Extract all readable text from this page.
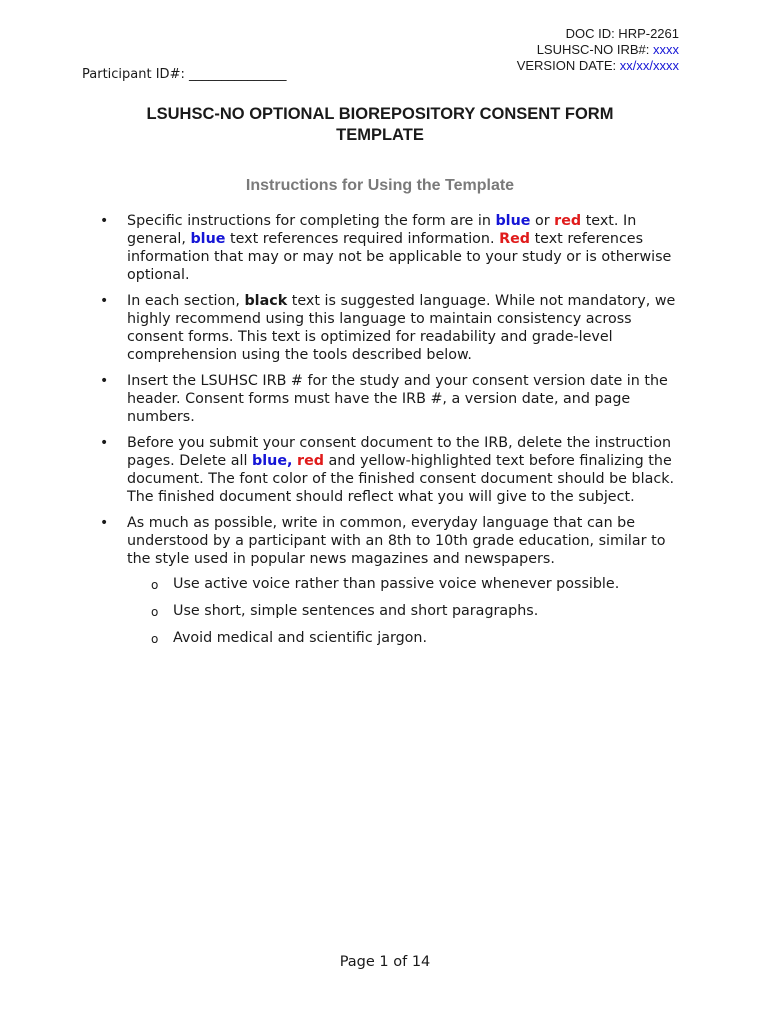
DOC ID: HRP-2261
LSUHSC-NO IRB#: xxxx
VERSION DATE: xx/xx/xxxx
Participant ID#: _______________
LSUHSC-NO OPTIONAL BIOREPOSITORY CONSENT FORM
TEMPLATE
Instructions for Using the Template
• Specific instructions for completing the form are in blue or red text. In general, blue text references required information. Red text references information that may or may not be applicable to your study or is otherwise optional.
• In each section, black text is suggested language. While not mandatory, we highly recommend using this language to maintain consistency across consent forms. This text is optimized for readability and grade-level comprehension using the tools described below.
• Insert the LSUHSC IRB # for the study and your consent version date in the header. Consent forms must have the IRB #, a version date, and page numbers.
• Before you submit your consent document to the IRB, delete the instruction pages. Delete all blue, red and yellow-highlighted text before finalizing the document. The font color of the finished consent document should be black. The finished document should reflect what you will give to the subject.
• As much as possible, write in common, everyday language that can be understood by a participant with an 8th to 10th grade education, similar to the style used in popular news magazines and newspapers.
o Use active voice rather than passive voice whenever possible.
o Use short, simple sentences and short paragraphs.
o Avoid medical and scientific jargon.
Page 1 of 14
